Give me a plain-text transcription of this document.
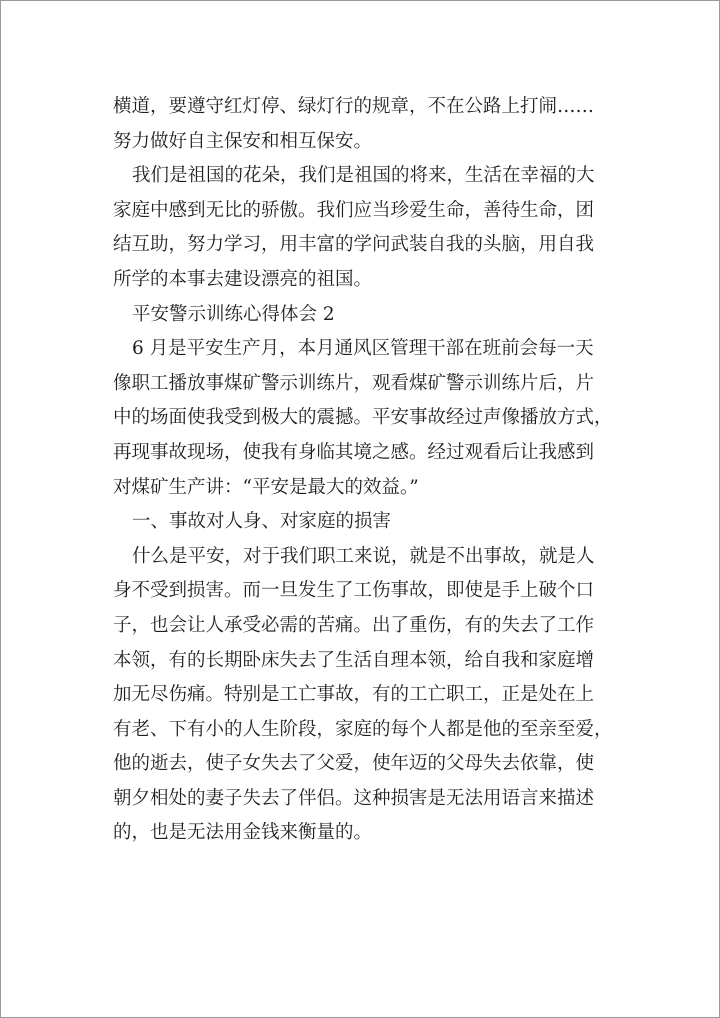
横道，要遵守红灯停、绿灯行的规章，不在公路上打闹……
努力做好自主保安和相互保安。
我们是祖国的花朵，我们是祖国的将来，生活在幸福的大
家庭中感到无比的骄傲。我们应当珍爱生命，善待生命，团
结互助，努力学习，用丰富的学问武装自我的头脑，用自我
所学的本事去建设漂亮的祖国。
平安警示训练心得体会 2
6 月是平安生产月，本月通风区管理干部在班前会每一天
像职工播放事煤矿警示训练片，观看煤矿警示训练片后，片
中的场面使我受到极大的震撼。平安事故经过声像播放方式，
再现事故现场，使我有身临其境之感。经过观看后让我感到
对煤矿生产讲：“平安是最大的效益。”
一、事故对人身、对家庭的损害
什么是平安，对于我们职工来说，就是不出事故，就是人
身不受到损害。而一旦发生了工伤事故，即使是手上破个口
子，也会让人承受必需的苦痛。出了重伤，有的失去了工作
本领，有的长期卧床失去了生活自理本领，给自我和家庭增
加无尽伤痛。特别是工亡事故，有的工亡职工，正是处在上
有老、下有小的人生阶段，家庭的每个人都是他的至亲至爱，
他的逝去，使子女失去了父爱，使年迈的父母失去依靠，使
朝夕相处的妻子失去了伴侣。这种损害是无法用语言来描述
的，也是无法用金钱来衡量的。
